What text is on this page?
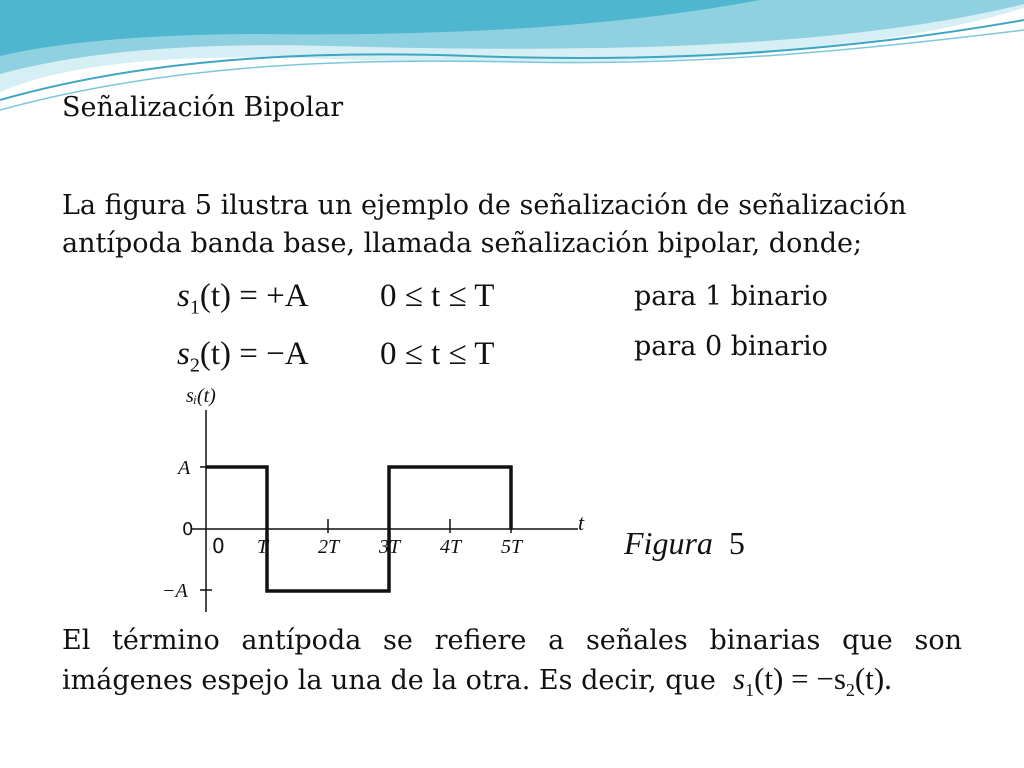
Señalización Bipolar

La figura 5 ilustra un ejemplo de señalización de señalización antípoda banda base, llamada señalización bipolar, donde;

$s_1(t) = +A$ 0 ≤ t ≤ T	para 1 binario

$s_2(t) = -A$ 0 ≤ t ≤ T	para 0 binario

sᵢ(t)
t
A
0
−A
0 T 2T 3T 4T 5T	Figura 5

El término antípoda se refiere a señales binarias que son imágenes espejo la una de la otra. Es decir, que $s_1(t) = -s_2(t)$.
